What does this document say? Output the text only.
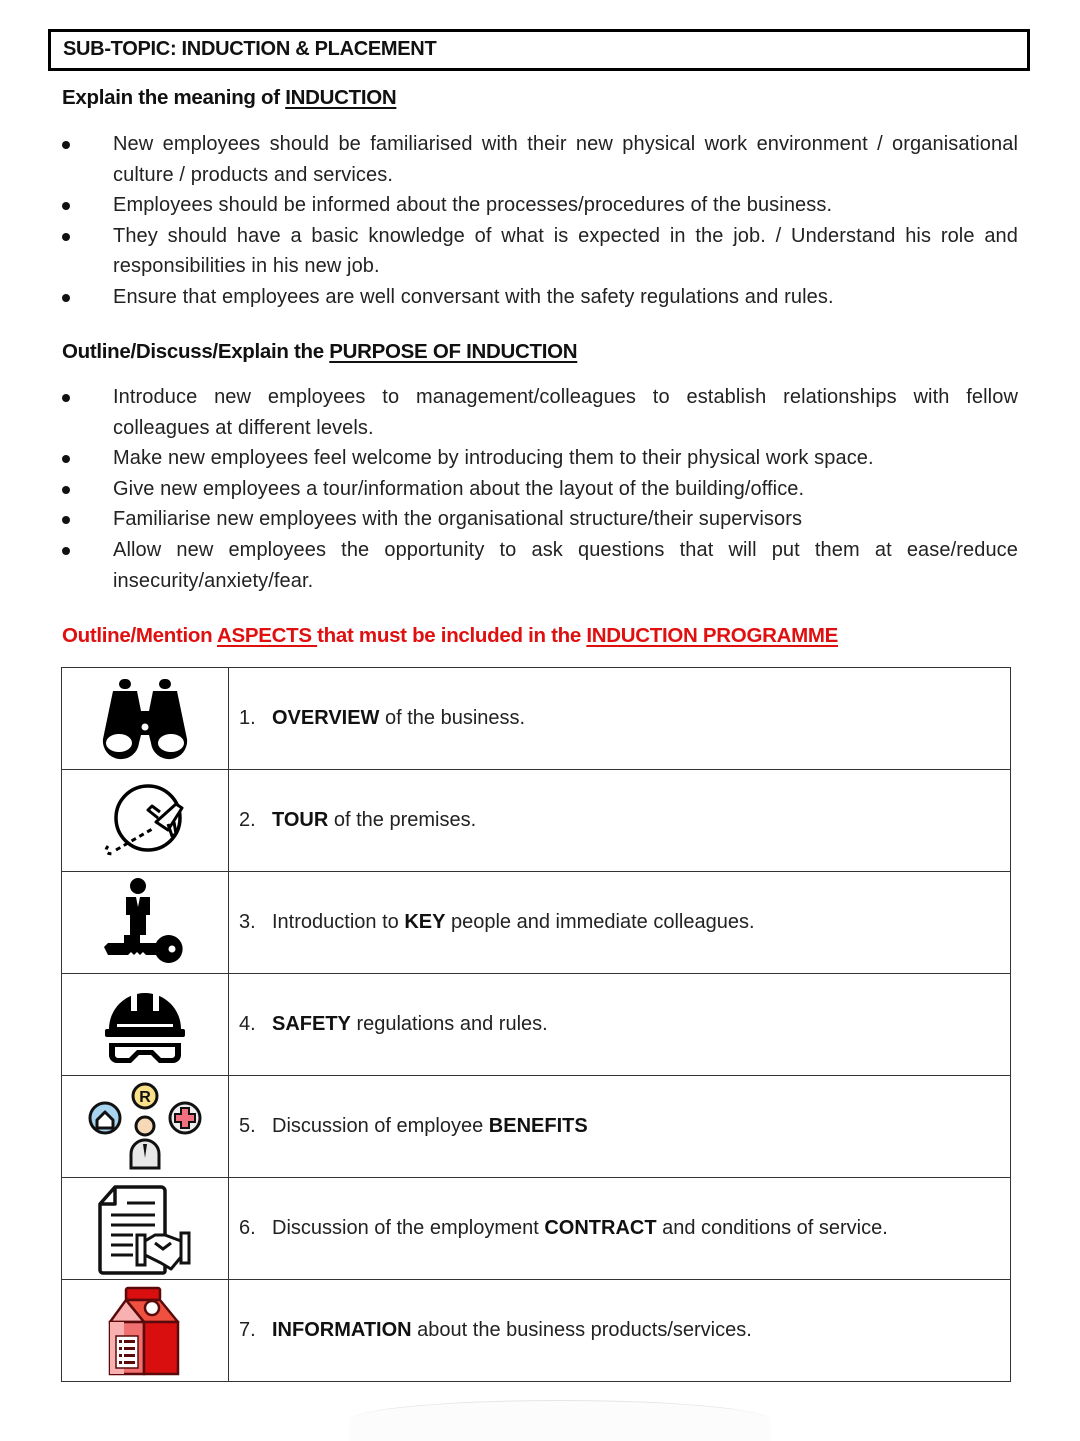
SUB-TOPIC: INDUCTION & PLACEMENT
Explain the meaning of INDUCTION
New employees should be familiarised with their new physical work environment / organisational culture / products and services.
Employees should be informed about the processes/procedures of the business.
They should have a basic knowledge of what is expected in the job. / Understand his role and responsibilities in his new job.
Ensure that employees are well conversant with the safety regulations and rules.
Outline/Discuss/Explain the PURPOSE OF INDUCTION
Introduce new employees to management/colleagues to establish relationships with fellow colleagues at different levels.
Make new employees feel welcome by introducing them to their physical work space.
Give new employees a tour/information about the layout of the building/office.
Familiarise new employees with the organisational structure/their supervisors
Allow new employees the opportunity to ask questions that will put them at ease/reduce insecurity/anxiety/fear.
Outline/Mention ASPECTS that must be included in the INDUCTION PROGRAMME
	1. OVERVIEW of the business.

	2. TOUR of the premises.

	3. Introduction to KEY people and immediate colleagues.

	4. SAFETY regulations and rules.

R	5. Discussion of employee BENEFITS

	6. Discussion of the employment CONTRACT and conditions of service.

	7. INFORMATION about the business products/services.
